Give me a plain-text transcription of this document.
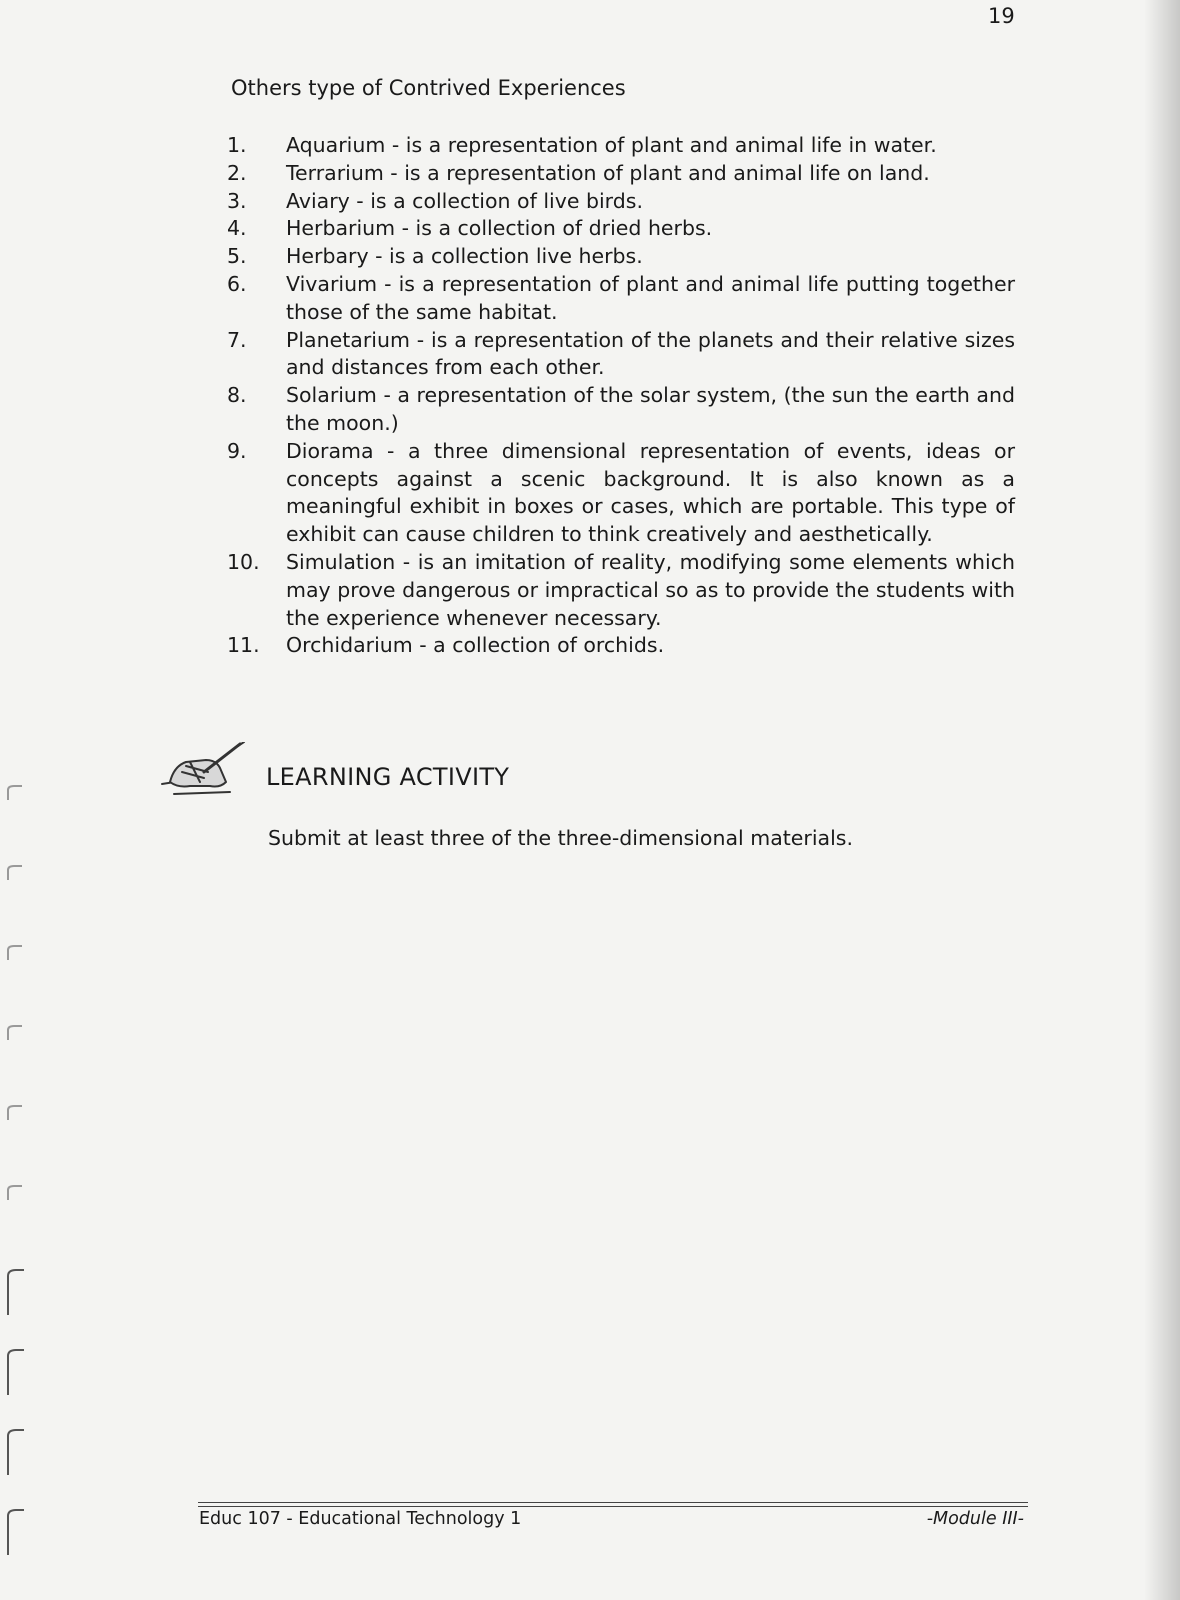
19
Others type of Contrived Experiences
1.	Aquarium - is a representation of plant and animal life in water.
2.	Terrarium - is a representation of plant and animal life on land.
3.	Aviary - is a collection of live birds.
4.	Herbarium - is a collection of dried herbs.
5.	Herbary - is a collection live herbs.
6.	Vivarium - is a representation of plant and animal life putting together those of the same habitat.
7.	Planetarium - is a representation of the planets and their relative sizes and distances from each other.
8.	Solarium - a representation of the solar system, (the sun the earth and the moon.)
9.	Diorama - a three dimensional representation of events, ideas or concepts against a scenic background. It is also known as a meaningful exhibit in boxes or cases, which are portable. This type of exhibit can cause children to think creatively and aesthetically.
10.	Simulation - is an imitation of reality, modifying some elements which may prove dangerous or impractical so as to provide the students with the experience whenever necessary.
11.	Orchidarium - a collection of orchids.
LEARNING ACTIVITY
Submit at least three of the three-dimensional materials.
Educ 107 - Educational Technology 1	-Module III-
